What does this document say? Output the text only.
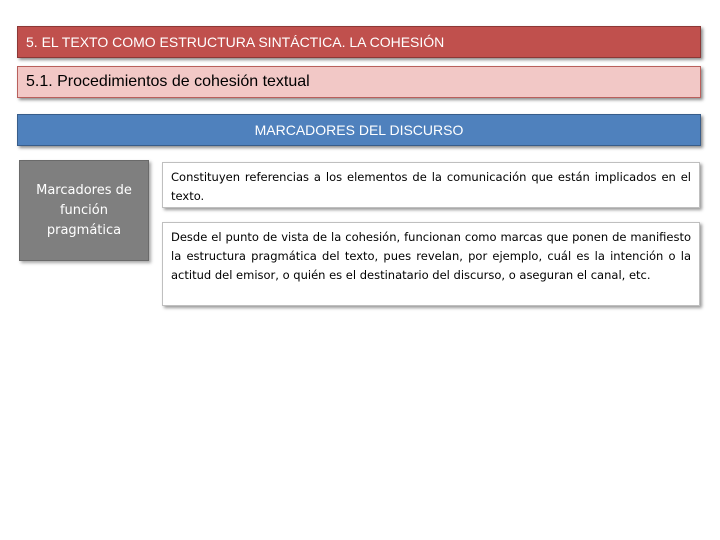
5. EL TEXTO COMO ESTRUCTURA SINTÁCTICA. LA COHESIÓN
5.1. Procedimientos de cohesión textual
MARCADORES DEL DISCURSO
Marcadores de función pragmática
Constituyen referencias a los elementos de la comunicación que están implicados en el texto.
Desde el punto de vista de la cohesión, funcionan como marcas que ponen de manifiesto la estructura pragmática del texto, pues revelan, por ejemplo, cuál es la intención o la actitud del emisor, o quién es el destinatario del discurso, o aseguran el canal, etc.
